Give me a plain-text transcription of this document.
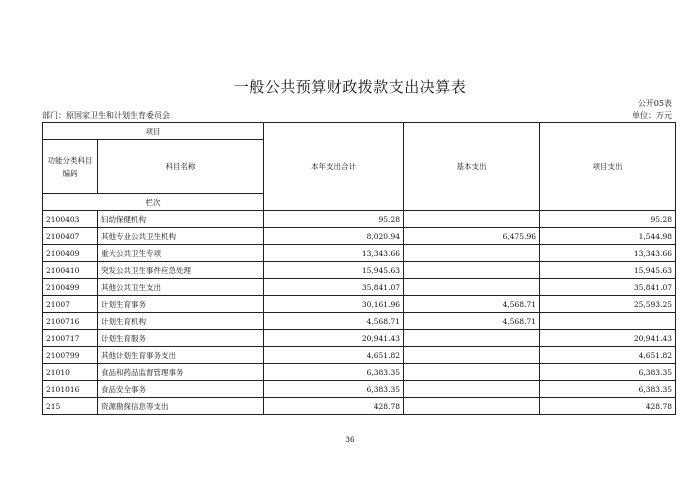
一般公共预算财政拨款支出决算表
公开05表
部门：原国家卫生和计划生育委员会	单位：万元
项目		本年支出合计	基本支出	项目支出	
功能分类科目编码	科目名称				
栏次			
2100403	妇幼保健机构	95.28		95.28	
2100407	其他专业公共卫生机构	8,020.94	6,475.96	1,544.98	
2100409	重大公共卫生专项	13,343.66		13,343.66	
2100410	突发公共卫生事件应急处理	15,945.63		15,945.63	
2100499	其他公共卫生支出	35,841.07		35,841.07	
21007	计划生育事务	30,161.96	4,568.71	25,593.25	
2100716	计划生育机构	4,568.71	4,568.71		
2100717	计划生育服务	20,941.43		20,941.43	
2100799	其他计划生育事务支出	4,651.82		4,651.82	
21010	食品和药品监督管理事务	6,383.35		6,383.35	
2101016	食品安全事务	6,383.35		6,383.35	
215	资源勘探信息等支出	428.78		428.78	
36
